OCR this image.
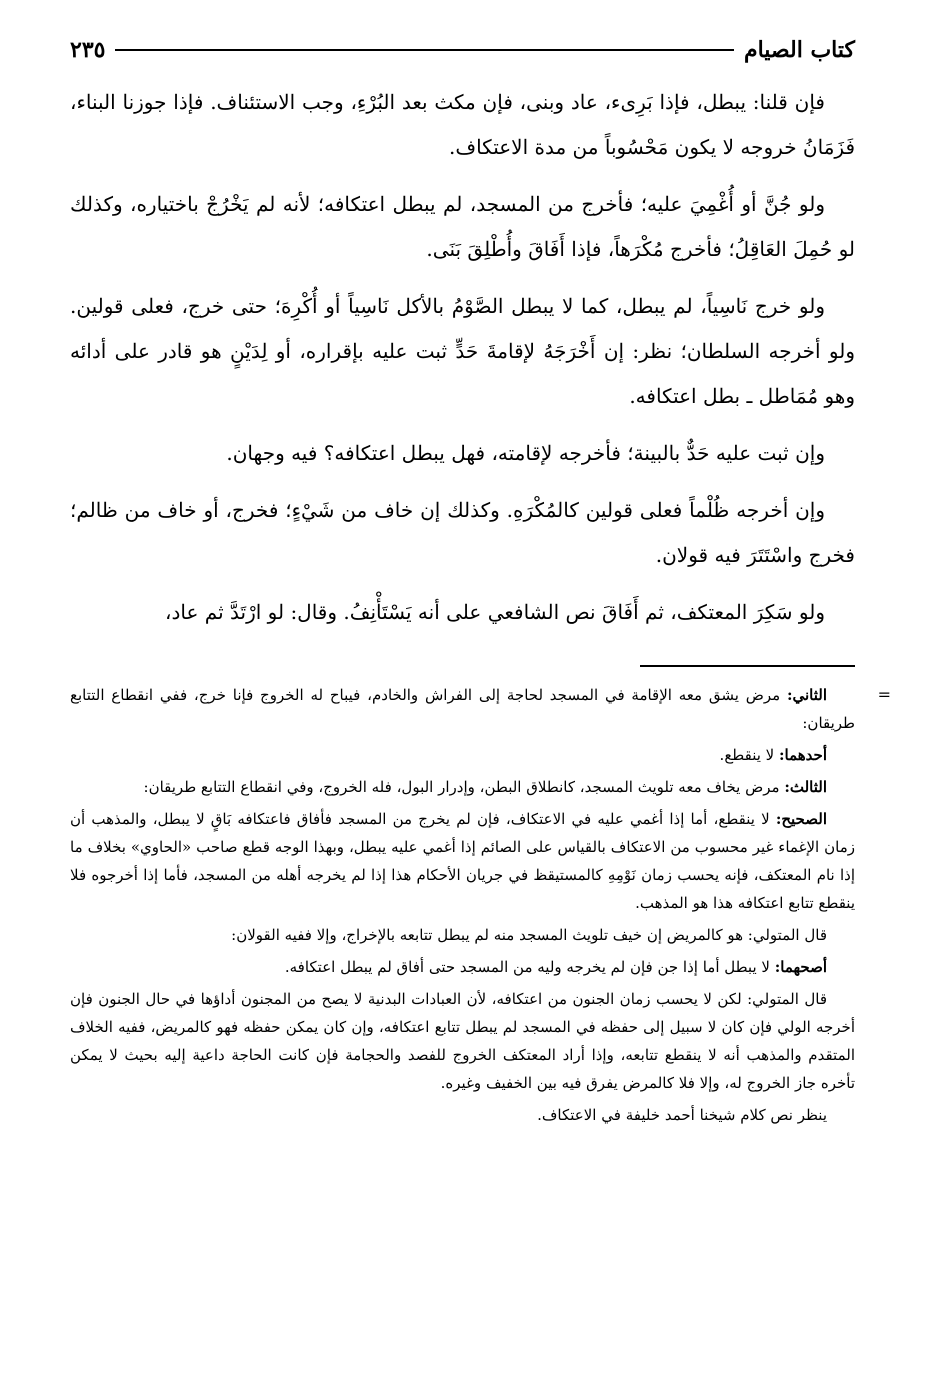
كتاب الصيام
٢٣٥

فإن قلنا: يبطل، فإذا بَرِىء، عاد وبنى، فإن مكث بعد البُرْءِ، وجب الاستئناف. فإذا جوزنا البناء، فَزَمَانُ خروجه لا يكون مَحْسُوباً من مدة الاعتكاف.

ولو جُنَّ أو أُغْمِيَ عليه؛ فأخرج من المسجد، لم يبطل اعتكافه؛ لأنه لم يَخْرُجْ باختياره، وكذلك لو حُمِلَ العَاقِلُ؛ فأخرج مُكْرَهاً، فإذا أَفَاقَ وأُطْلِقَ بَنَى.

ولو خرج نَاسِياً، لم يبطل، كما لا يبطل الصَّوْمُ بالأكل نَاسِياً أو أُكْرِهَ؛ حتى خرج، فعلى قولين. ولو أخرجه السلطان؛ نظر: إن أَخْرَجَهُ لإقامةَ حَدٍّ ثبت عليه بإقراره، أو لِدَيْنٍ هو قادر على أدائه وهو مُمَاطل ـ بطل اعتكافه.

وإن ثبت عليه حَدٌّ بالبينة؛ فأخرجه لإقامته، فهل يبطل اعتكافه؟ فيه وجهان.

وإن أخرجه ظُلْماً فعلى قولين كالمُكْرَهِ. وكذلك إن خاف من شَيْءٍ؛ فخرج، أو خاف من ظالم؛ فخرج واسْتَتَرَ فيه قولان.

ولو سَكِرَ المعتكف، ثم أَفَاقَ نص الشافعي على أنه يَسْتَأْنِفُ. وقال: لو ارْتَدَّ ثم عاد،

=

الثاني: مرض يشق معه الإقامة في المسجد لحاجة إلى الفراش والخادم، فيباح له الخروج فإنا خرج، ففي انقطاع التتابع طريقان:

أحدهما: لا ينقطع.

الثالث: مرض يخاف معه تلويث المسجد، كانطلاق البطن، وإدرار البول، فله الخروج، وفي انقطاع التتابع طريقان:

الصحيح: لا ينقطع، أما إذا أغمي عليه في الاعتكاف، فإن لم يخرج من المسجد فأفاق فاعتكافه بَاقٍ لا يبطل، والمذهب أن زمان الإغماء غير محسوب من الاعتكاف بالقياس على الصائم إذا أغمي عليه يبطل، وبهذا الوجه قطع صاحب «الحاوي» بخلاف ما إذا نام المعتكف، فإنه يحسب زمان نَوْمِهِ كالمستيقظ في جريان الأحكام هذا إذا لم يخرجه أهله من المسجد، فأما إذا أخرجوه فلا ينقطع تتابع اعتكافه هذا هو المذهب.

قال المتولي: هو كالمريض إن خيف تلويث المسجد منه لم يبطل تتابعه بالإخراج، وإلا ففيه القولان:

أصحهما: لا يبطل أما إذا جن فإن لم يخرجه وليه من المسجد حتى أفاق لم يبطل اعتكافه.

قال المتولي: لكن لا يحسب زمان الجنون من اعتكافه، لأن العبادات البدنية لا يصح من المجنون أداؤها في حال الجنون فإن أخرجه الولي فإن كان لا سبيل إلى حفظه في المسجد لم يبطل تتابع اعتكافه، وإن كان يمكن حفظه فهو كالمريض، ففيه الخلاف المتقدم والمذهب أنه لا ينقطع تتابعه، وإذا أراد المعتكف الخروج للفصد والحجامة فإن كانت الحاجة داعية إليه بحيث لا يمكن تأخره جاز الخروج له، وإلا فلا كالمرض يفرق فيه بين الخفيف وغيره.

ينظر نص كلام شيخنا أحمد خليفة في الاعتكاف.
